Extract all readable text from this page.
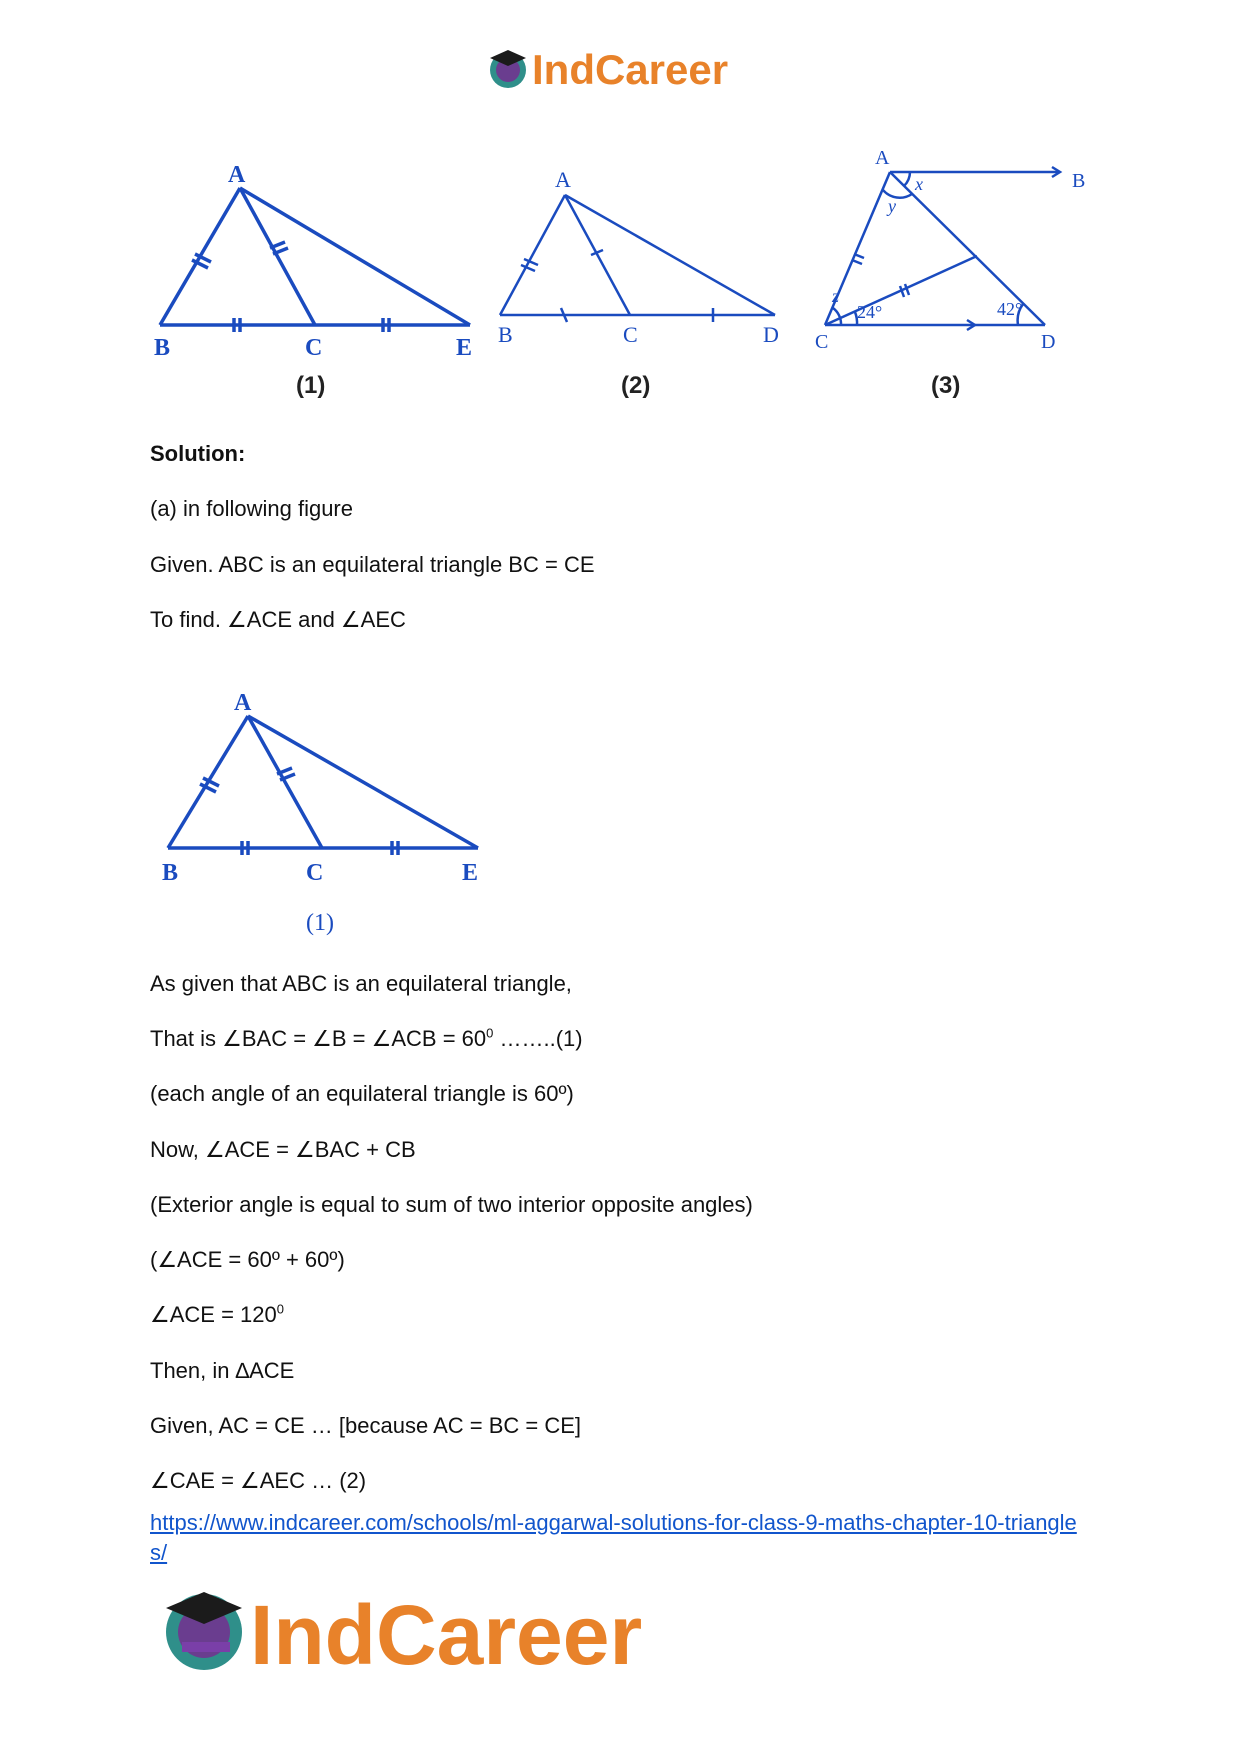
IndCareer
A
B	C	E
(1)
A
B	C	D
(2)
A
B
C	D
x
y
z
24°	42°
(3)
Solution:
(a) in following figure
Given. ABC is an equilateral triangle BC = CE
To find. ∠ACE and ∠AEC
A
B	C	E
(1)
As given that ABC is an equilateral triangle,
That is ∠BAC = ∠B = ∠ACB = $60^0$ ……..(1)
(each angle of an equilateral triangle is 60º)
Now, ∠ACE = ∠BAC + CB
(Exterior angle is equal to sum of two interior opposite angles)
(∠ACE = 60º + 60º)
∠ACE = $120^0$
Then, in ∆ACE
Given, AC = CE … [because AC = BC = CE]
∠CAE = ∠AEC … (2)
https://www.indcareer.com/schools/ml-aggarwal-solutions-for-class-9-maths-chapter-10-triangles/
IndCareer
